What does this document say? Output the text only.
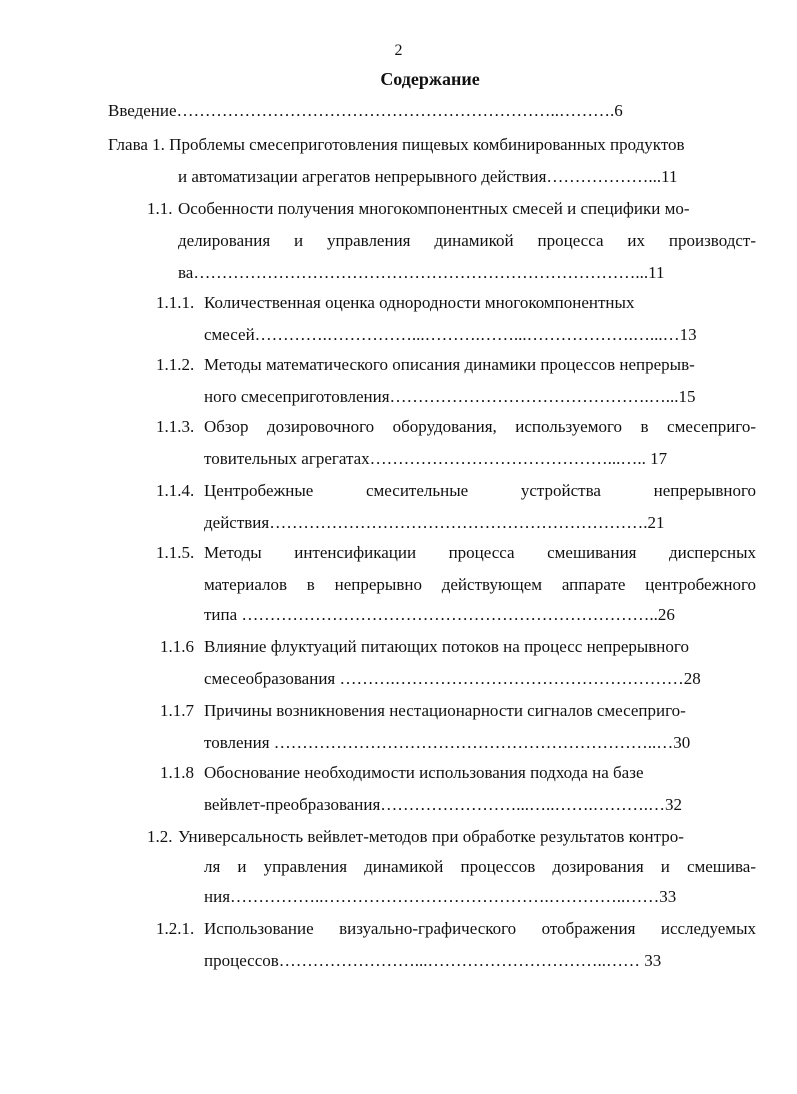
2
Содержание
Введение…………………………………………………………..……….6
Глава 1. Проблемы смесеприготовления пищевых комбинированных продуктов
и автоматизации агрегатов непрерывного действия………………...11
1.1. Особенности получения многокомпонентных смесей и специфики мо-
делирования и управления динамикой процесса их производст-
ва……………………………………………………………………...11
1.1.1. Количественная оценка однородности многокомпонентных
смесей………….……………...……….……...……………….…...…13
1.1.2. Методы математического описания динамики процессов непрерыв-
ного смесеприготовления……………………………………….…...15
1.1.3. Обзор дозировочного оборудования, используемого в смесеприго-
товительных агрегатах……………………………………...….. 17
1.1.4. Центробежные смесительные устройства непрерывного
действия………………………………………………………….21
1.1.5. Методы интенсификации процесса смешивания дисперсных
материалов в непрерывно действующем аппарате центробежного
типа ………………………………………………………………..26
1.1.6 Влияние флуктуаций питающих потоков на процесс непрерывного
смесеобразования ……….……………………………………………28
1.1.7 Причины возникновения нестационарности сигналов смесеприго-
товления …………………………………………………………..…30
1.1.8 Обоснование необходимости использования подхода на базе
вейвлет-преобразования……………………...…..…….……….…32
1.2. Универсальность вейвлет-методов при обработке результатов контро-
ля и управления динамикой процессов дозирования и смешива-
ния……………..………………………………….…………..……33
1.2.1. Использование визуально-графического отображения исследуемых
процессов……………………...…………………………..…… 33
